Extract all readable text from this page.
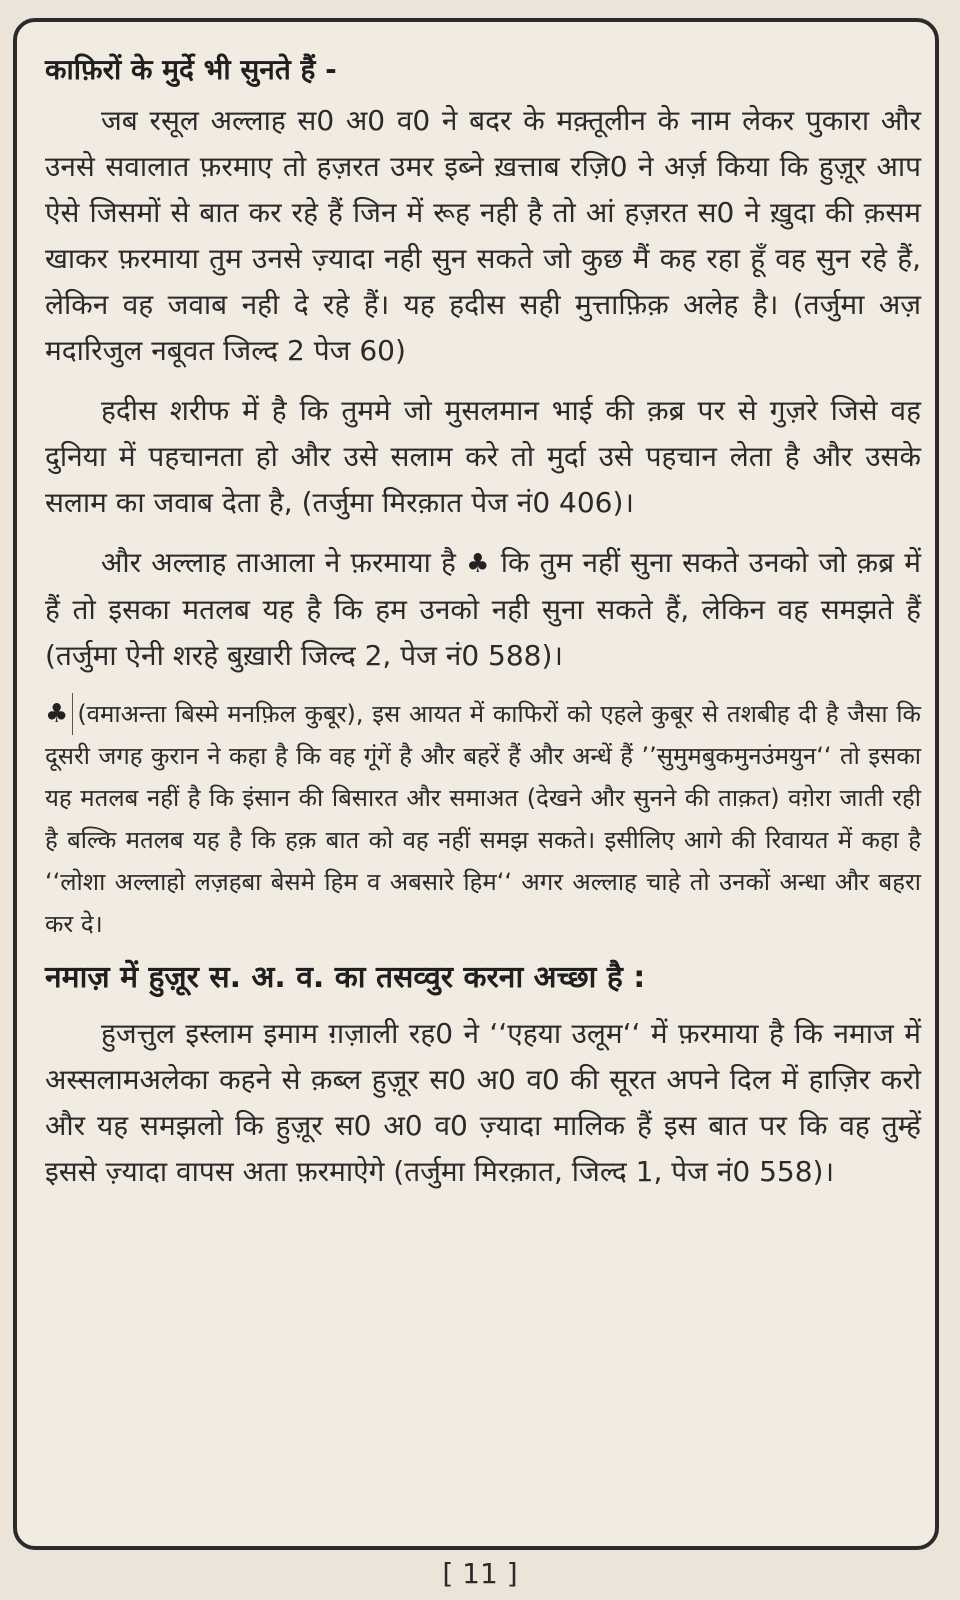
काफ़िरों के मुर्दे भी सुनते हैं -

जब रसूल अल्लाह स0 अ0 व0 ने बदर के मक़्तूलीन के नाम लेकर पुकारा और उनसे सवालात फ़रमाए तो हज़रत उमर इब्ने ख़त्ताब रज़ि0 ने अर्ज़ किया कि हुज़ूर आप ऐसे जिसमों से बात कर रहे हैं जिन में रूह नही है तो आं हज़रत स0 ने ख़ुदा की क़सम खाकर फ़रमाया तुम उनसे ज़्यादा नही सुन सकते जो कुछ मैं कह रहा हूँ वह सुन रहे हैं, लेकिन वह जवाब नही दे रहे हैं। यह हदीस सही मुत्ताफ़िक़ अलेह है। (तर्जुमा अज़ मदारिजुल नबूवत जिल्द 2 पेज 60)

हदीस शरीफ में है कि तुममे जो मुसलमान भाई की क़ब्र पर से गुज़रे जिसे वह दुनिया में पहचानता हो और उसे सलाम करे तो मुर्दा उसे पहचान लेता है और उसके सलाम का जवाब देता है, (तर्जुमा मिरक़ात पेज नं0 406)।

और अल्लाह ताआला ने फ़रमाया है ♣ कि तुम नहीं सुना सकते उनको जो क़ब्र में हैं तो इसका मतलब यह है कि हम उनको नही सुना सकते हैं, लेकिन वह समझते हैं (तर्जुमा ऐनी शरहे बुख़ारी जिल्द 2, पेज नं0 588)।

♣ (वमाअन्ता बिस्मे मनफ़िल कुबूर), इस आयत में काफिरों को एहले कुबूर से तशबीह दी है जैसा कि दूसरी जगह कुरान ने कहा है कि वह गूंगें है और बहरें हैं और अन्धें हैं ’’सुमुमबुकमुनउंमयुन‘‘ तो इसका यह मतलब नहीं है कि इंसान की बिसारत और समाअत (देखने और सुनने की ताक़त) वग़ेरा जाती रही है बल्कि मतलब यह है कि हक़ बात को वह नहीं समझ सकते। इसीलिए आगे की रिवायत में कहा है ‘‘लोशा अल्लाहो लज़हबा बेसमे हिम व अबसारे हिम‘‘ अगर अल्लाह चाहे तो उनकों अन्धा और बहरा कर दे।

नमाज़ में हुज़ूर स. अ. व. का तसव्वुर करना अच्छा है :

हुजत्तुल इस्लाम इमाम ग़ज़ाली रह0 ने ‘‘एहया उलूम‘‘ में फ़रमाया है कि नमाज में अस्सलामअलेका कहने से क़ब्ल हुज़ूर स0 अ0 व0 की सूरत अपने दिल में हाज़िर करो और यह समझलो कि हुज़ूर स0 अ0 व0 ज़्यादा मालिक हैं इस बात पर कि वह तुम्हें इससे ज़्यादा वापस अता फ़रमाऐगे (तर्जुमा मिरक़ात, जिल्द 1, पेज नं0 558)।

[ 11 ]
